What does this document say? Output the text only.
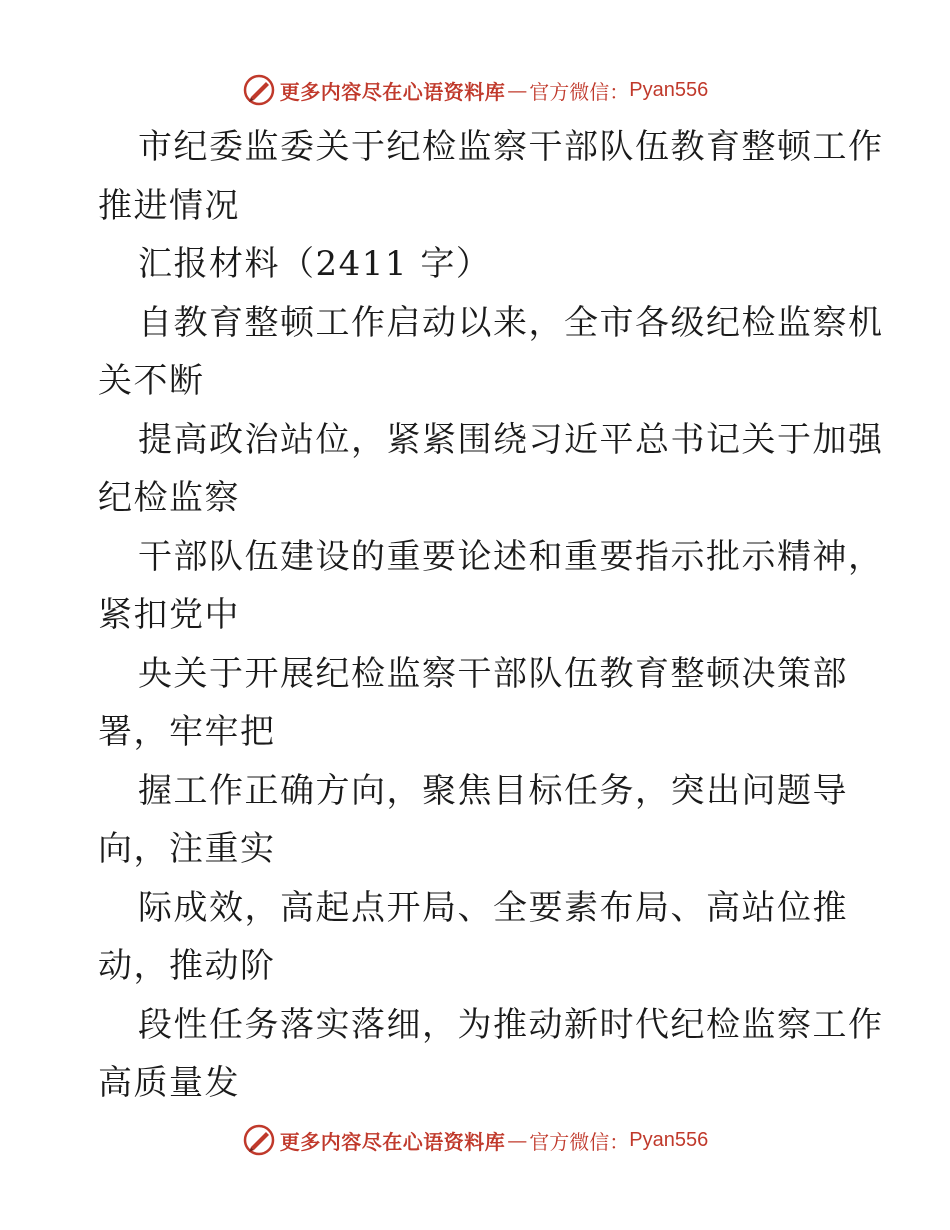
更多内容尽在心语资料库 — 官方微信： Pyan556
市纪委监委关于纪检监察干部队伍教育整顿工作
推进情况
汇报材料（2411 字）
自教育整顿工作启动以来，全市各级纪检监察机
关不断
提高政治站位，紧紧围绕习近平总书记关于加强
纪检监察
干部队伍建设的重要论述和重要指示批示精神，
紧扣党中
央关于开展纪检监察干部队伍教育整顿决策部
署，牢牢把
握工作正确方向，聚焦目标任务，突出问题导
向，注重实
际成效，高起点开局、全要素布局、高站位推
动，推动阶
段性任务落实落细，为推动新时代纪检监察工作
高质量发
更多内容尽在心语资料库 — 官方微信： Pyan556
